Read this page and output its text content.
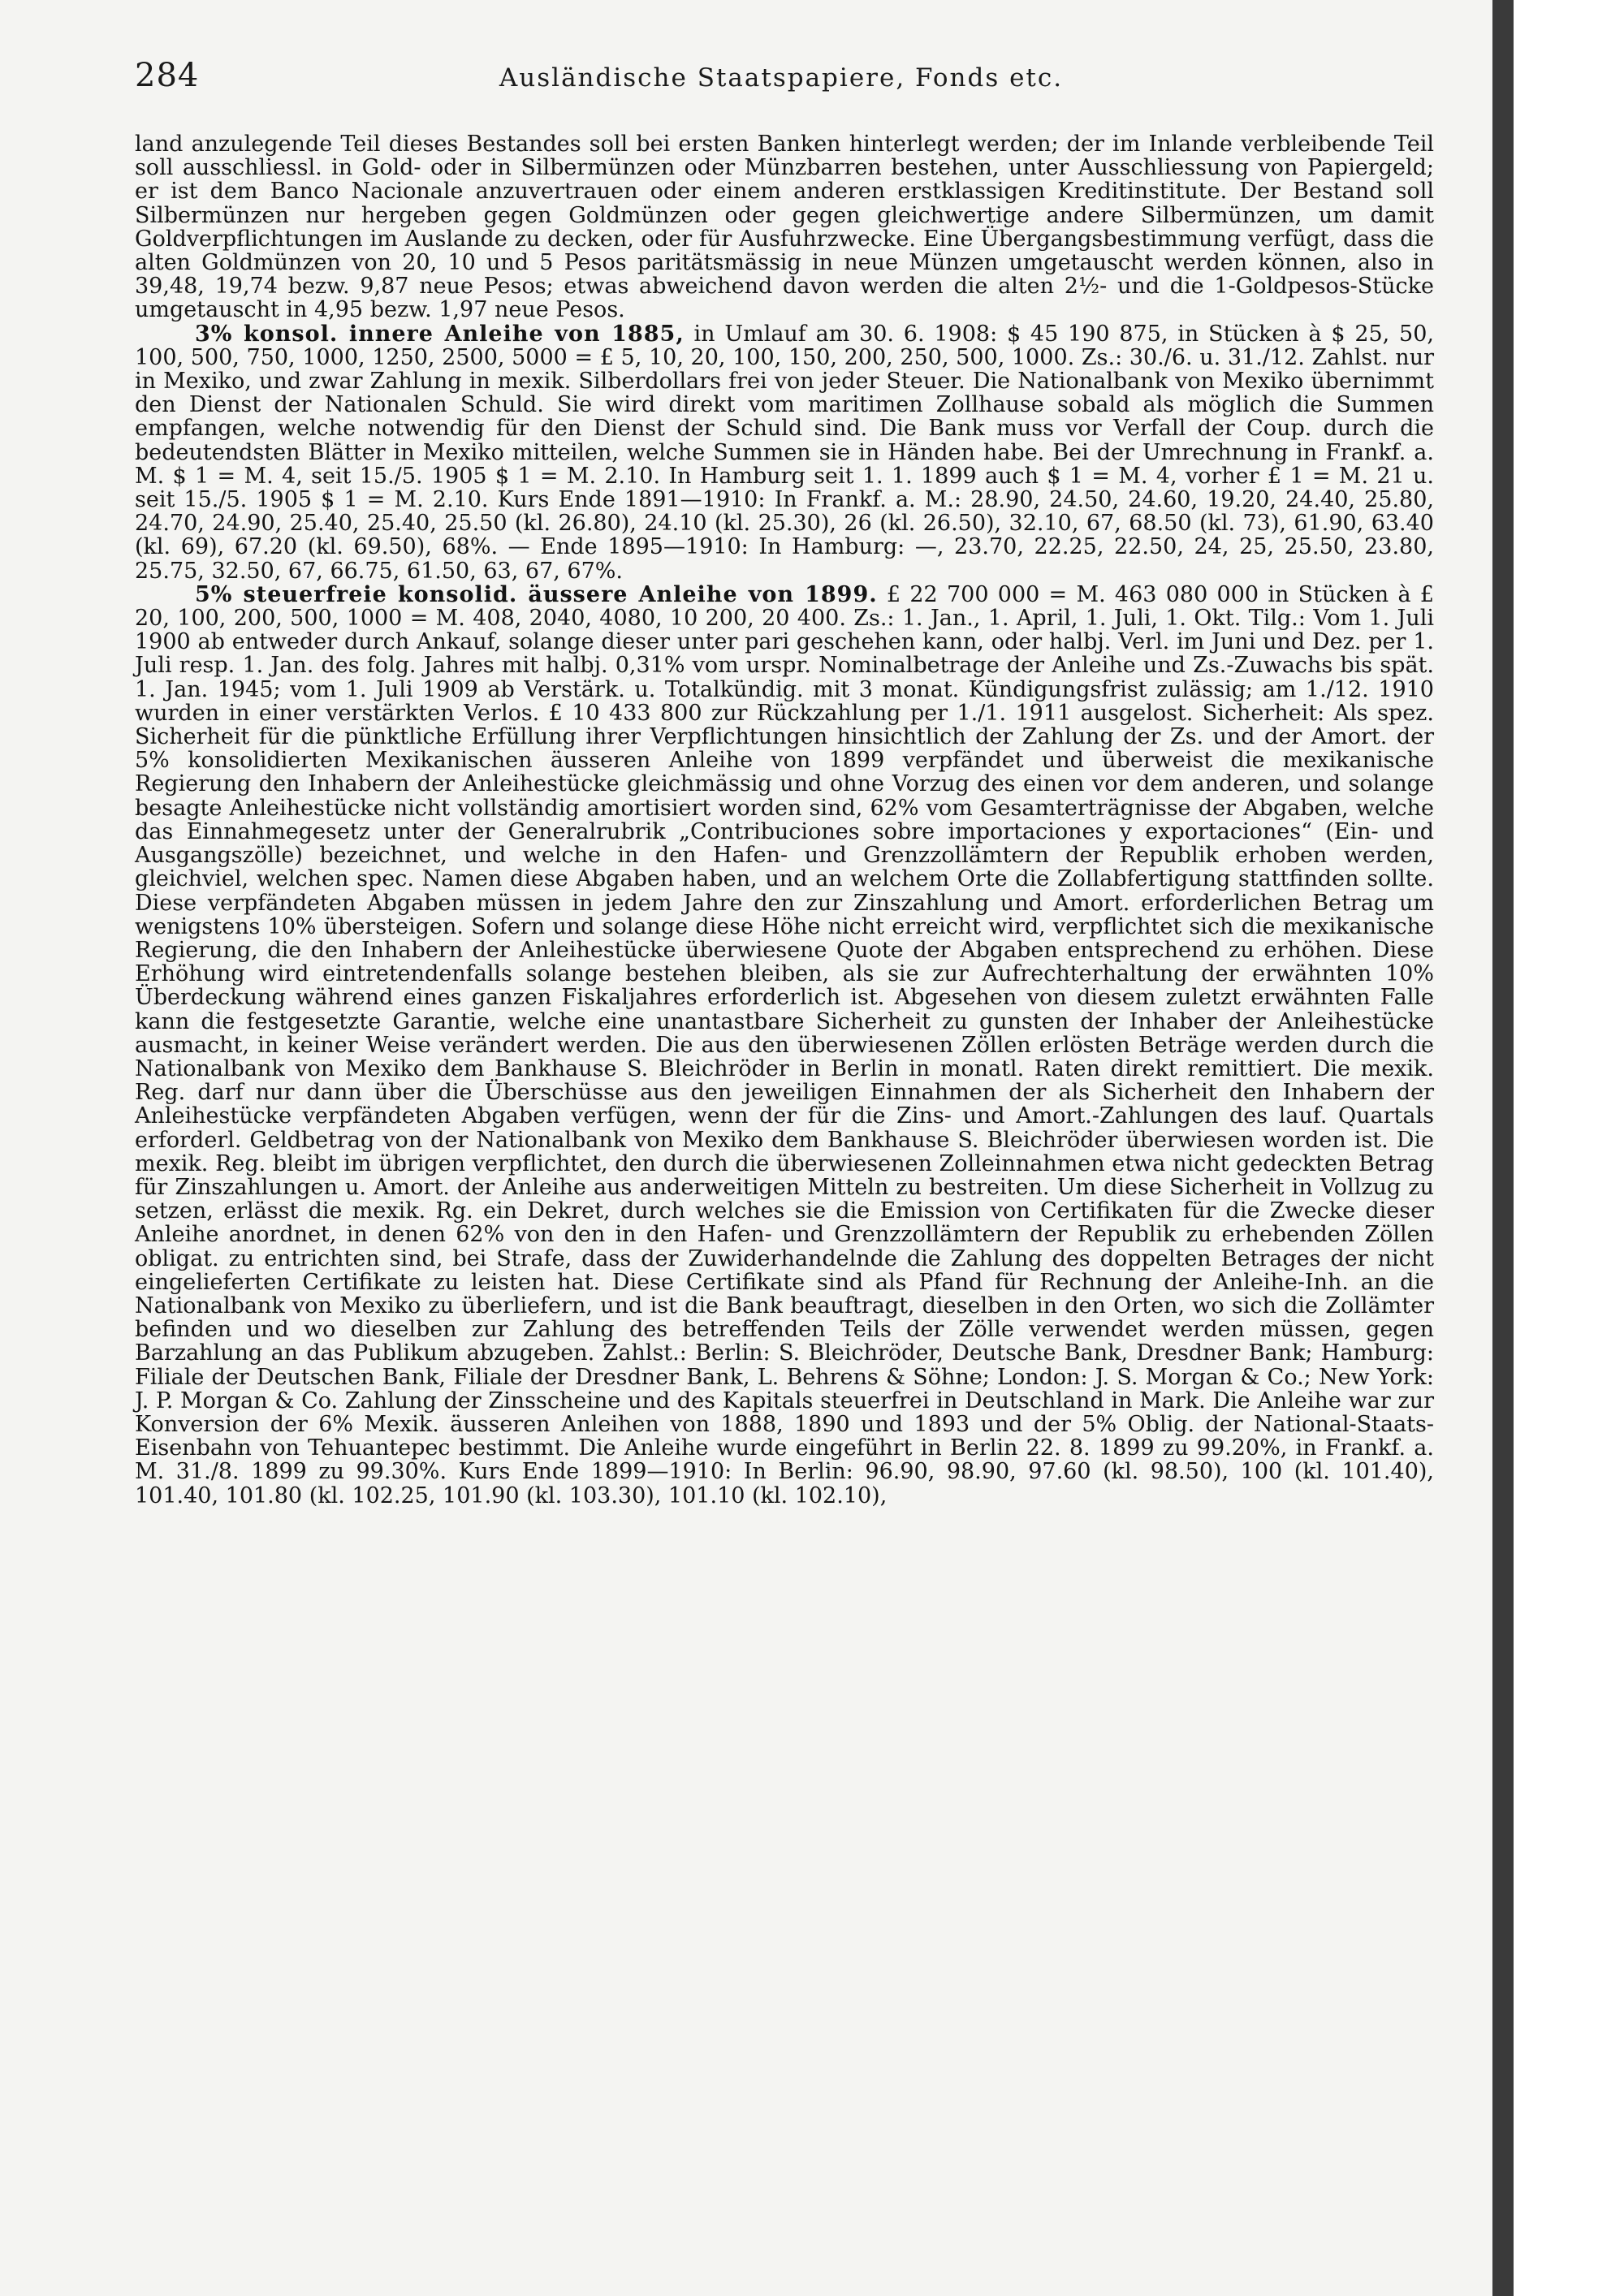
284	Ausländische Staatspapiere, Fonds etc.

land anzulegende Teil dieses Bestandes soll bei ersten Banken hinterlegt werden; der im Inlande verbleibende Teil soll ausschliessl. in Gold- oder in Silbermünzen oder Münzbarren bestehen, unter Ausschliessung von Papiergeld; er ist dem Banco Nacionale anzuvertrauen oder einem anderen erstklassigen Kreditinstitute. Der Bestand soll Silbermünzen nur hergeben gegen Goldmünzen oder gegen gleichwertige andere Silbermünzen, um damit Goldverpflichtungen im Auslande zu decken, oder für Ausfuhrzwecke. Eine Übergangsbestimmung verfügt, dass die alten Goldmünzen von 20, 10 und 5 Pesos paritätsmässig in neue Münzen umgetauscht werden können, also in 39,48, 19,74 bezw. 9,87 neue Pesos; etwas abweichend davon werden die alten 2½- und die 1-Goldpesos-Stücke umgetauscht in 4,95 bezw. 1,97 neue Pesos.

3% konsol. innere Anleihe von 1885, in Umlauf am 30. 6. 1908: $ 45 190 875, in Stücken à $ 25, 50, 100, 500, 750, 1000, 1250, 2500, 5000 = £ 5, 10, 20, 100, 150, 200, 250, 500, 1000. Zs.: 30./6. u. 31./12. Zahlst. nur in Mexiko, und zwar Zahlung in mexik. Silberdollars frei von jeder Steuer. Die Nationalbank von Mexiko übernimmt den Dienst der Nationalen Schuld. Sie wird direkt vom maritimen Zollhause sobald als möglich die Summen empfangen, welche notwendig für den Dienst der Schuld sind. Die Bank muss vor Verfall der Coup. durch die bedeutendsten Blätter in Mexiko mitteilen, welche Summen sie in Händen habe. Bei der Umrechnung in Frankf. a. M. $ 1 = M. 4, seit 15./5. 1905 $ 1 = M. 2.10. In Hamburg seit 1. 1. 1899 auch $ 1 = M. 4, vorher £ 1 = M. 21 u. seit 15./5. 1905 $ 1 = M. 2.10. Kurs Ende 1891—1910: In Frankf. a. M.: 28.90, 24.50, 24.60, 19.20, 24.40, 25.80, 24.70, 24.90, 25.40, 25.40, 25.50 (kl. 26.80), 24.10 (kl. 25.30), 26 (kl. 26.50), 32.10, 67, 68.50 (kl. 73), 61.90, 63.40 (kl. 69), 67.20 (kl. 69.50), 68%. — Ende 1895—1910: In Hamburg: —, 23.70, 22.25, 22.50, 24, 25, 25.50, 23.80, 25.75, 32.50, 67, 66.75, 61.50, 63, 67, 67%.

5% steuerfreie konsolid. äussere Anleihe von 1899. £ 22 700 000 = M. 463 080 000 in Stücken à £ 20, 100, 200, 500, 1000 = M. 408, 2040, 4080, 10 200, 20 400. Zs.: 1. Jan., 1. April, 1. Juli, 1. Okt. Tilg.: Vom 1. Juli 1900 ab entweder durch Ankauf, solange dieser unter pari geschehen kann, oder halbj. Verl. im Juni und Dez. per 1. Juli resp. 1. Jan. des folg. Jahres mit halbj. 0,31% vom urspr. Nominalbetrage der Anleihe und Zs.-Zuwachs bis spät. 1. Jan. 1945; vom 1. Juli 1909 ab Verstärk. u. Totalkündig. mit 3 monat. Kündigungsfrist zulässig; am 1./12. 1910 wurden in einer verstärkten Verlos. £ 10 433 800 zur Rückzahlung per 1./1. 1911 ausgelost. Sicherheit: Als spez. Sicherheit für die pünktliche Erfüllung ihrer Verpflichtungen hinsichtlich der Zahlung der Zs. und der Amort. der 5% konsolidierten Mexikanischen äusseren Anleihe von 1899 verpfändet und überweist die mexikanische Regierung den Inhabern der Anleihestücke gleichmässig und ohne Vorzug des einen vor dem anderen, und solange besagte Anleihestücke nicht vollständig amortisiert worden sind, 62% vom Gesamterträgnisse der Abgaben, welche das Einnahmegesetz unter der Generalrubrik „Contribuciones sobre importaciones y exportaciones“ (Ein- und Ausgangszölle) bezeichnet, und welche in den Hafen- und Grenzzollämtern der Republik erhoben werden, gleichviel, welchen spec. Namen diese Abgaben haben, und an welchem Orte die Zollabfertigung stattfinden sollte. Diese verpfändeten Abgaben müssen in jedem Jahre den zur Zinszahlung und Amort. erforderlichen Betrag um wenigstens 10% übersteigen. Sofern und solange diese Höhe nicht erreicht wird, verpflichtet sich die mexikanische Regierung, die den Inhabern der Anleihestücke überwiesene Quote der Abgaben entsprechend zu erhöhen. Diese Erhöhung wird eintretendenfalls solange bestehen bleiben, als sie zur Aufrechterhaltung der erwähnten 10% Überdeckung während eines ganzen Fiskaljahres erforderlich ist. Abgesehen von diesem zuletzt erwähnten Falle kann die festgesetzte Garantie, welche eine unantastbare Sicherheit zu gunsten der Inhaber der Anleihestücke ausmacht, in keiner Weise verändert werden. Die aus den überwiesenen Zöllen erlösten Beträge werden durch die Nationalbank von Mexiko dem Bankhause S. Bleichröder in Berlin in monatl. Raten direkt remittiert. Die mexik. Reg. darf nur dann über die Überschüsse aus den jeweiligen Einnahmen der als Sicherheit den Inhabern der Anleihestücke verpfändeten Abgaben verfügen, wenn der für die Zins- und Amort.-Zahlungen des lauf. Quartals erforderl. Geldbetrag von der Nationalbank von Mexiko dem Bankhause S. Bleichröder überwiesen worden ist. Die mexik. Reg. bleibt im übrigen verpflichtet, den durch die überwiesenen Zolleinnahmen etwa nicht gedeckten Betrag für Zinszahlungen u. Amort. der Anleihe aus anderweitigen Mitteln zu bestreiten. Um diese Sicherheit in Vollzug zu setzen, erlässt die mexik. Rg. ein Dekret, durch welches sie die Emission von Certifikaten für die Zwecke dieser Anleihe anordnet, in denen 62% von den in den Hafen- und Grenzzollämtern der Republik zu erhebenden Zöllen obligat. zu entrichten sind, bei Strafe, dass der Zuwiderhandelnde die Zahlung des doppelten Betrages der nicht eingelieferten Certifikate zu leisten hat. Diese Certifikate sind als Pfand für Rechnung der Anleihe-Inh. an die Nationalbank von Mexiko zu überliefern, und ist die Bank beauftragt, dieselben in den Orten, wo sich die Zollämter befinden und wo dieselben zur Zahlung des betreffenden Teils der Zölle verwendet werden müssen, gegen Barzahlung an das Publikum abzugeben. Zahlst.: Berlin: S. Bleichröder, Deutsche Bank, Dresdner Bank; Hamburg: Filiale der Deutschen Bank, Filiale der Dresdner Bank, L. Behrens & Söhne; London: J. S. Morgan & Co.; New York: J. P. Morgan & Co. Zahlung der Zinsscheine und des Kapitals steuerfrei in Deutschland in Mark. Die Anleihe war zur Konversion der 6% Mexik. äusseren Anleihen von 1888, 1890 und 1893 und der 5% Oblig. der National-Staats-Eisenbahn von Tehuantepec bestimmt. Die Anleihe wurde eingeführt in Berlin 22. 8. 1899 zu 99.20%, in Frankf. a. M. 31./8. 1899 zu 99.30%. Kurs Ende 1899—1910: In Berlin: 96.90, 98.90, 97.60 (kl. 98.50), 100 (kl. 101.40), 101.40, 101.80 (kl. 102.25, 101.90 (kl. 103.30), 101.10 (kl. 102.10),
